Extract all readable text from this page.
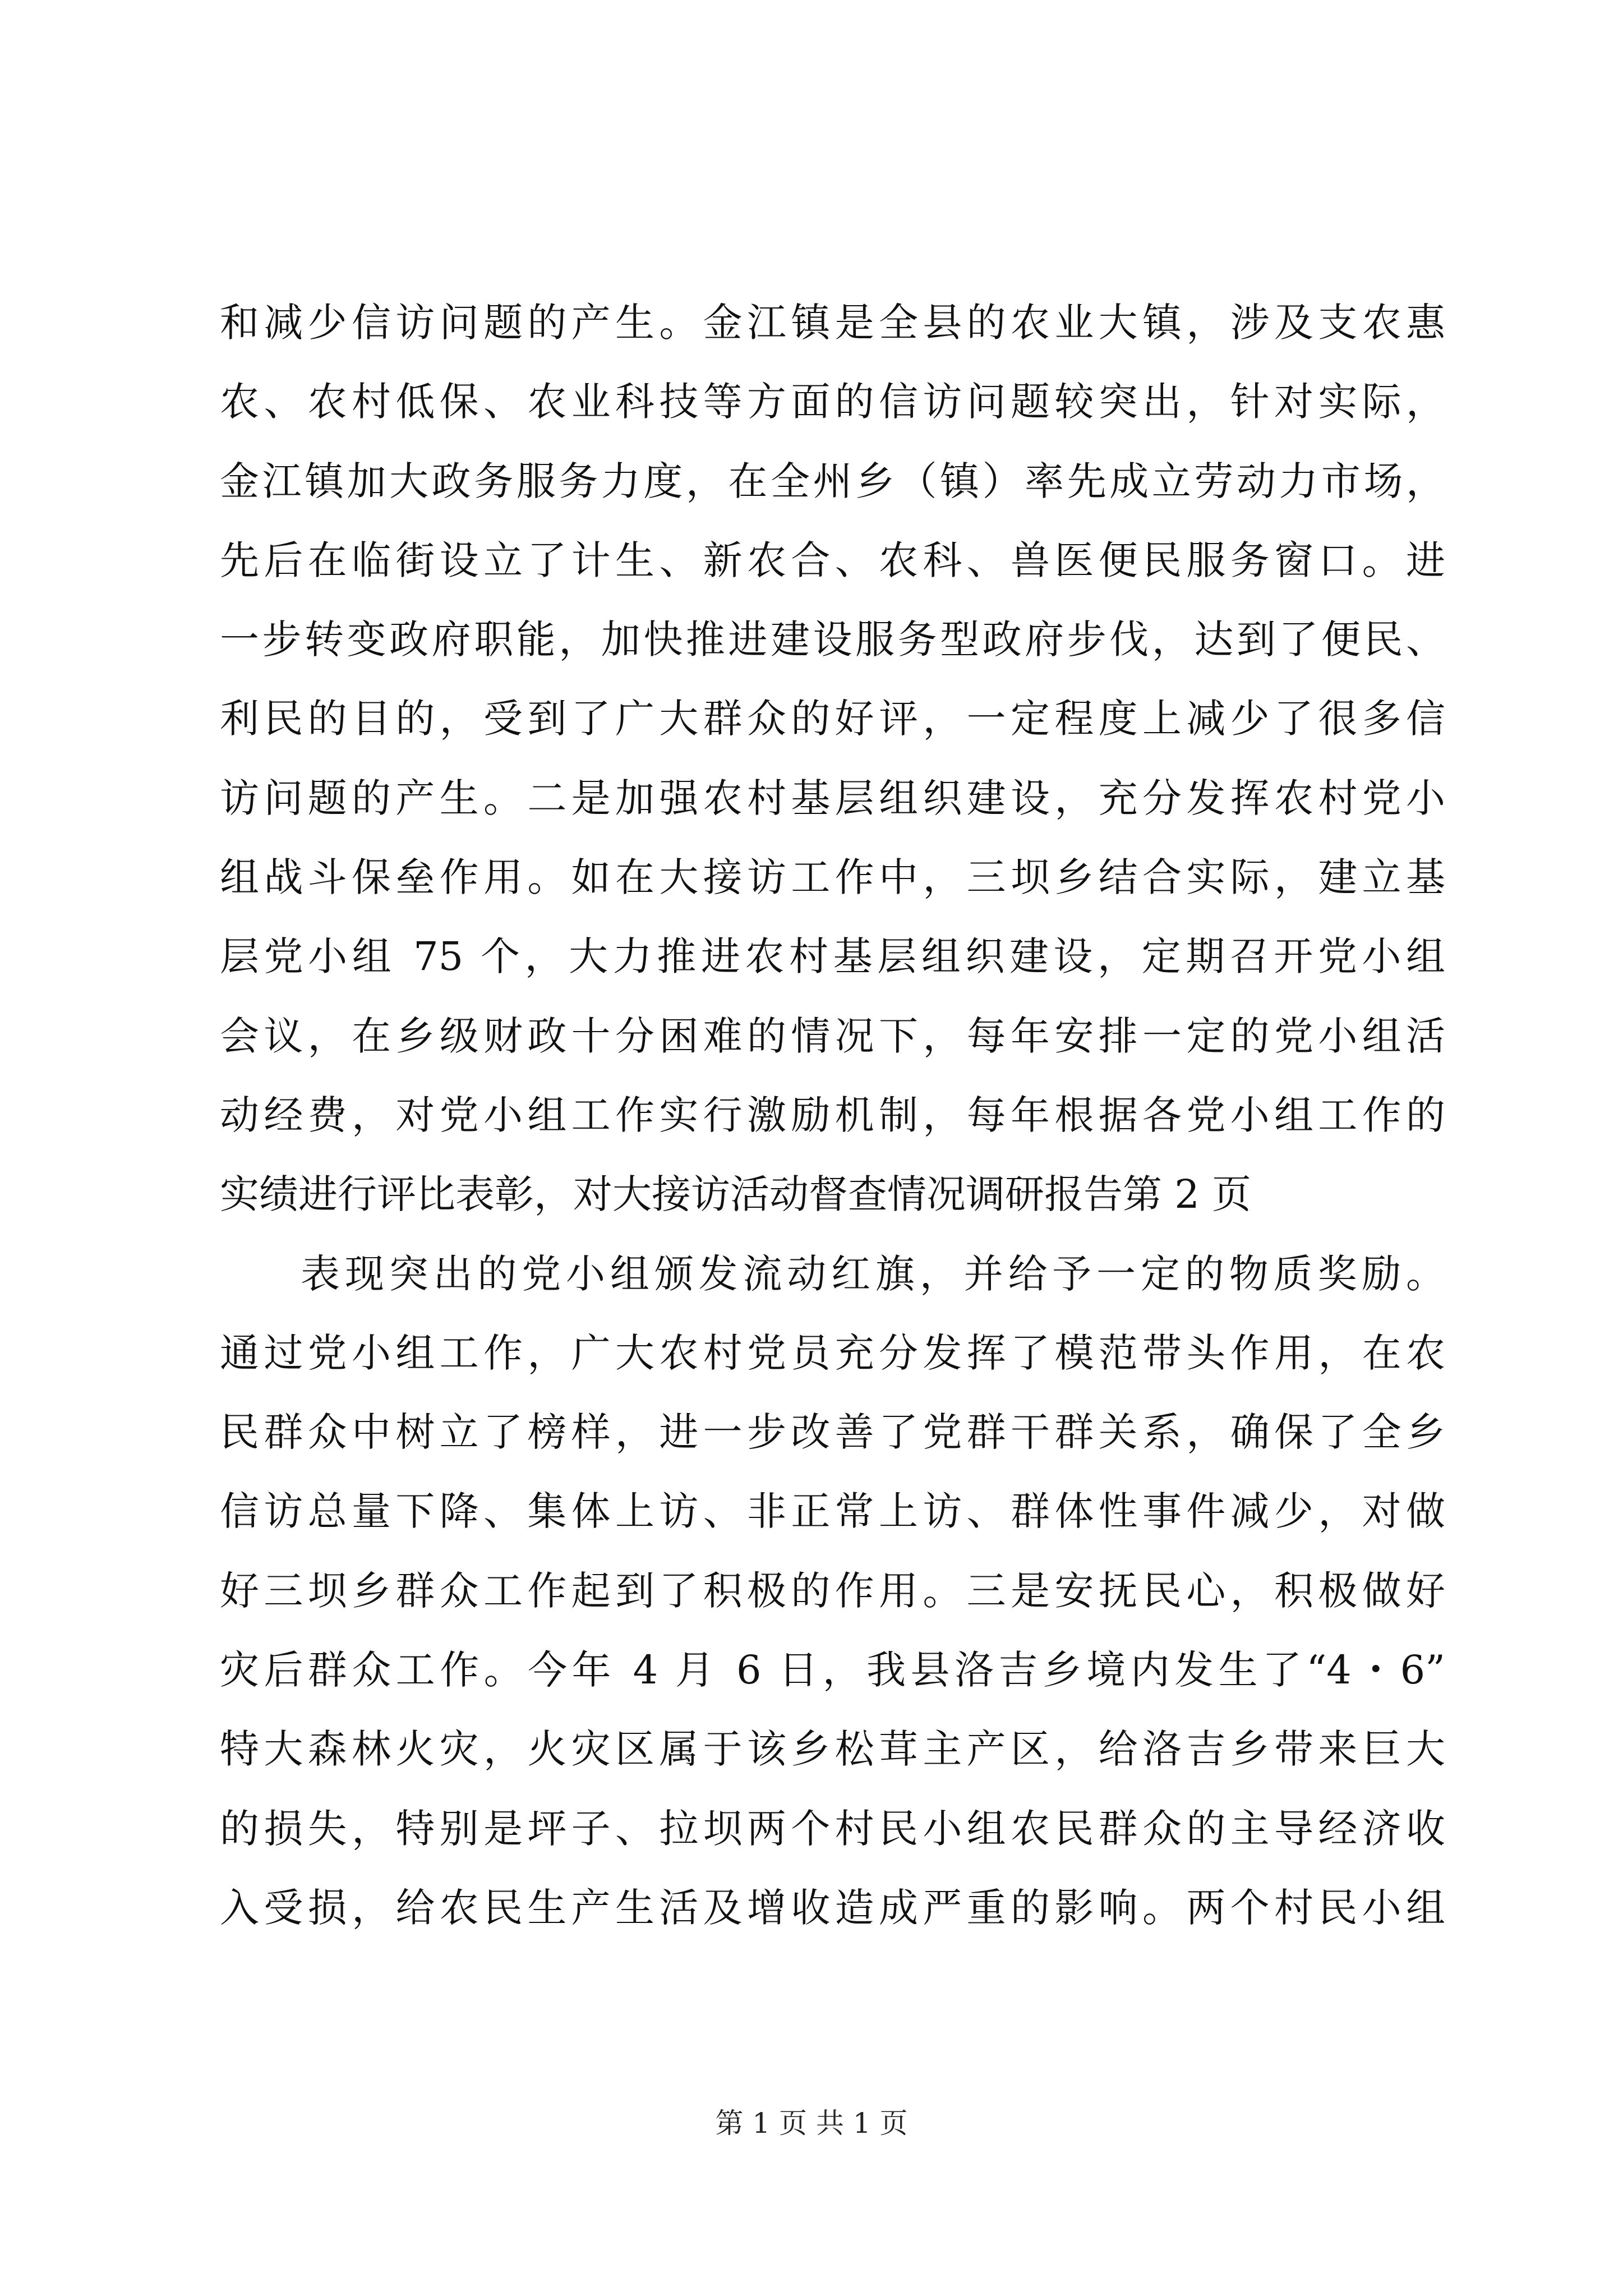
和减少信访问题的产生。金江镇是全县的农业大镇，涉及支农惠
农、农村低保、农业科技等方面的信访问题较突出，针对实际，
金江镇加大政务服务力度，在全州乡（镇）率先成立劳动力市场，
先后在临街设立了计生、新农合、农科、兽医便民服务窗口。进
一步转变政府职能，加快推进建设服务型政府步伐，达到了便民、
利民的目的，受到了广大群众的好评，一定程度上减少了很多信
访问题的产生。二是加强农村基层组织建设，充分发挥农村党小
组战斗保垒作用。如在大接访工作中，三坝乡结合实际，建立基
层党小组 75 个，大力推进农村基层组织建设，定期召开党小组
会议，在乡级财政十分困难的情况下，每年安排一定的党小组活
动经费，对党小组工作实行激励机制，每年根据各党小组工作的
实绩进行评比表彰，对大接访活动督查情况调研报告第 2 页
表现突出的党小组颁发流动红旗，并给予一定的物质奖励。
通过党小组工作，广大农村党员充分发挥了模范带头作用，在农
民群众中树立了榜样，进一步改善了党群干群关系，确保了全乡
信访总量下降、集体上访、非正常上访、群体性事件减少，对做
好三坝乡群众工作起到了积极的作用。三是安抚民心，积极做好
灾后群众工作。今年 4 月 6 日，我县洛吉乡境内发生了“4・6”
特大森林火灾，火灾区属于该乡松茸主产区，给洛吉乡带来巨大
的损失，特别是坪子、拉坝两个村民小组农民群众的主导经济收
入受损，给农民生产生活及增收造成严重的影响。两个村民小组
第 1 页 共 1 页
